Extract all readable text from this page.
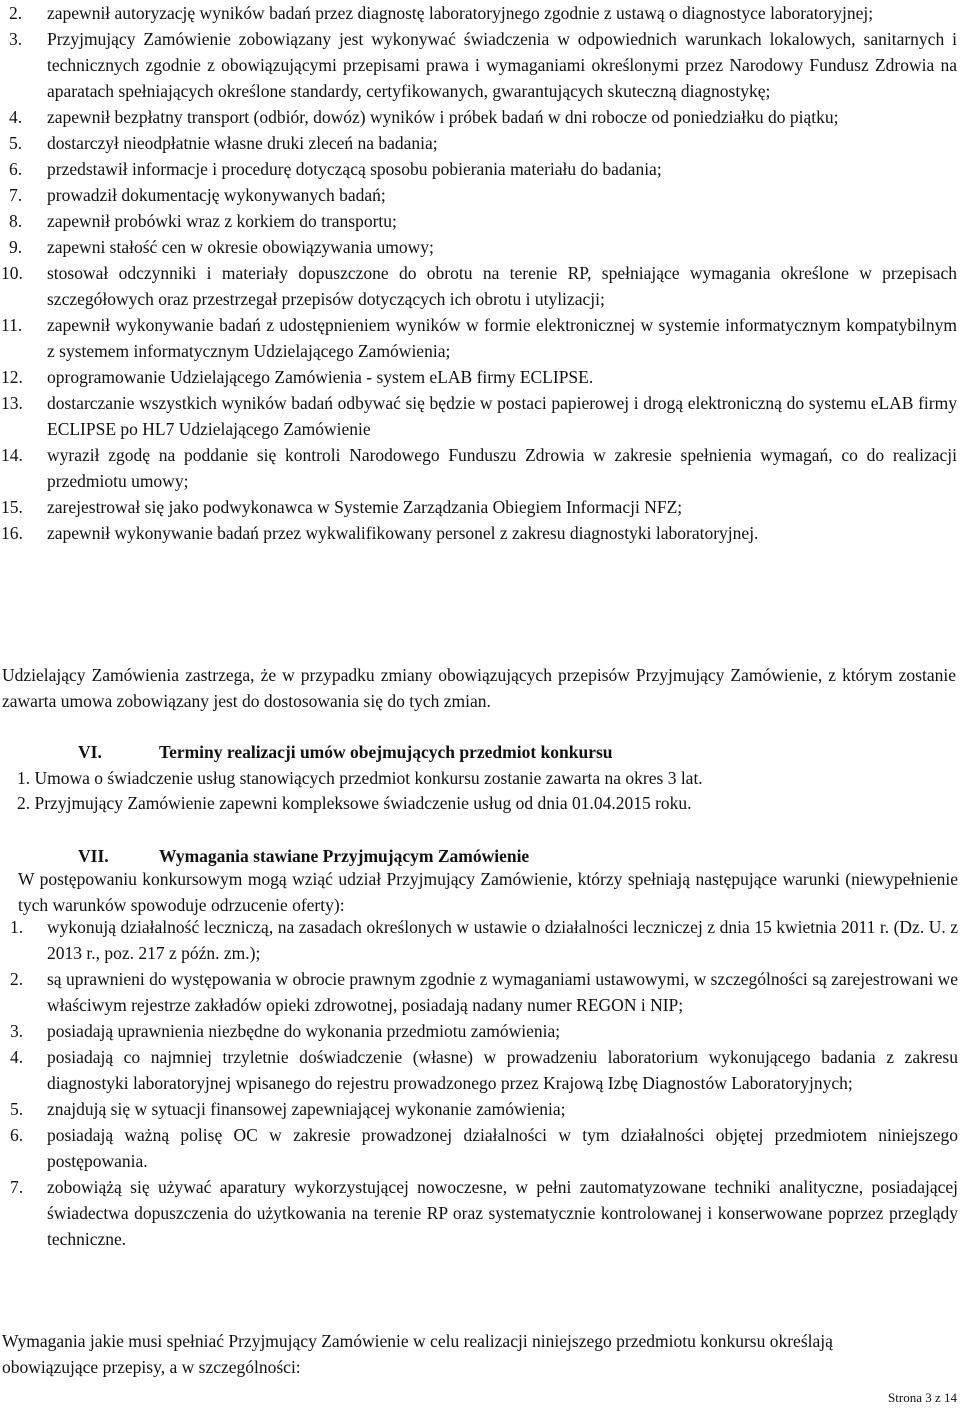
2. zapewnił autoryzację wyników badań przez diagnostę laboratoryjnego zgodnie z ustawą o diagnostyce laboratoryjnej;
3. Przyjmujący Zamówienie zobowiązany jest wykonywać świadczenia w odpowiednich warunkach lokalowych, sanitarnych i technicznych zgodnie z obowiązującymi przepisami prawa i wymaganiami określonymi przez Narodowy Fundusz Zdrowia na aparatach spełniających określone standardy, certyfikowanych, gwarantujących skuteczną diagnostykę;
4. zapewnił bezpłatny transport (odbiór, dowóz) wyników i próbek badań w dni robocze od poniedziałku do piątku;
5. dostarczył nieodpłatnie własne druki zleceń na badania;
6. przedstawił informacje i procedurę dotyczącą sposobu pobierania materiału do badania;
7. prowadził dokumentację wykonywanych badań;
8. zapewnił probówki wraz z korkiem do transportu;
9. zapewni stałość cen w okresie obowiązywania umowy;
10. stosował odczynniki i materiały dopuszczone do obrotu na terenie RP, spełniające wymagania określone w przepisach szczegółowych oraz przestrzegał przepisów dotyczących ich obrotu i utylizacji;
11. zapewnił wykonywanie badań z udostępnieniem wyników w formie elektronicznej w systemie informatycznym kompatybilnym z systemem informatycznym Udzielającego Zamówienia;
12. oprogramowanie Udzielającego Zamówienia - system eLAB firmy ECLIPSE.
13. dostarczanie wszystkich wyników badań odbywać się będzie w postaci papierowej i drogą elektroniczną do systemu eLAB firmy ECLIPSE po HL7 Udzielającego Zamówienie
14. wyraził zgodę na poddanie się kontroli Narodowego Funduszu Zdrowia w zakresie spełnienia wymagań, co do realizacji przedmiotu umowy;
15. zarejestrował się jako podwykonawca w Systemie Zarządzania Obiegiem Informacji NFZ;
16. zapewnił wykonywanie badań przez wykwalifikowany personel z zakresu diagnostyki laboratoryjnej.

Udzielający Zamówienia zastrzega, że w przypadku zmiany obowiązujących przepisów Przyjmujący Zamówienie, z którym zostanie zawarta umowa zobowiązany jest do dostosowania się do tych zmian.

VI.	Terminy realizacji umów obejmujących przedmiot konkursu
1. Umowa o świadczenie usług stanowiących przedmiot konkursu zostanie zawarta na okres 3 lat.
2. Przyjmujący Zamówienie zapewni kompleksowe świadczenie usług od dnia 01.04.2015 roku.
VII.	Wymagania stawiane Przyjmującym Zamówienie

W postępowaniu konkursowym mogą wziąć udział Przyjmujący Zamówienie, którzy spełniają następujące warunki (niewypełnienie tych warunków spowoduje odrzucenie oferty):

1. wykonują działalność leczniczą, na zasadach określonych w ustawie o działalności leczniczej z dnia 15 kwietnia 2011 r. (Dz. U. z 2013 r., poz. 217 z późn. zm.);
2. są uprawnieni do występowania w obrocie prawnym zgodnie z wymaganiami ustawowymi, w szczególności są zarejestrowani we właściwym rejestrze zakładów opieki zdrowotnej, posiadają nadany numer REGON i NIP;
3. posiadają uprawnienia niezbędne do wykonania przedmiotu zamówienia;
4. posiadają co najmniej trzyletnie doświadczenie (własne) w prowadzeniu laboratorium wykonującego badania z zakresu diagnostyki laboratoryjnej wpisanego do rejestru prowadzonego przez Krajową Izbę Diagnostów Laboratoryjnych;
5. znajdują się w sytuacji finansowej zapewniającej wykonanie zamówienia;
6. posiadają ważną polisę OC w zakresie prowadzonej działalności w tym działalności objętej przedmiotem niniejszego postępowania.
7. zobowiążą się używać aparatury wykorzystującej nowoczesne, w pełni zautomatyzowane techniki analityczne, posiadającej świadectwa dopuszczenia do użytkowania na terenie RP oraz systematycznie kontrolowanej i konserwowane poprzez przeglądy techniczne.

Wymagania jakie musi spełniać Przyjmujący Zamówienie w celu realizacji niniejszego przedmiotu konkursu określają obowiązujące przepisy, a w szczególności:

Strona 3 z 14
